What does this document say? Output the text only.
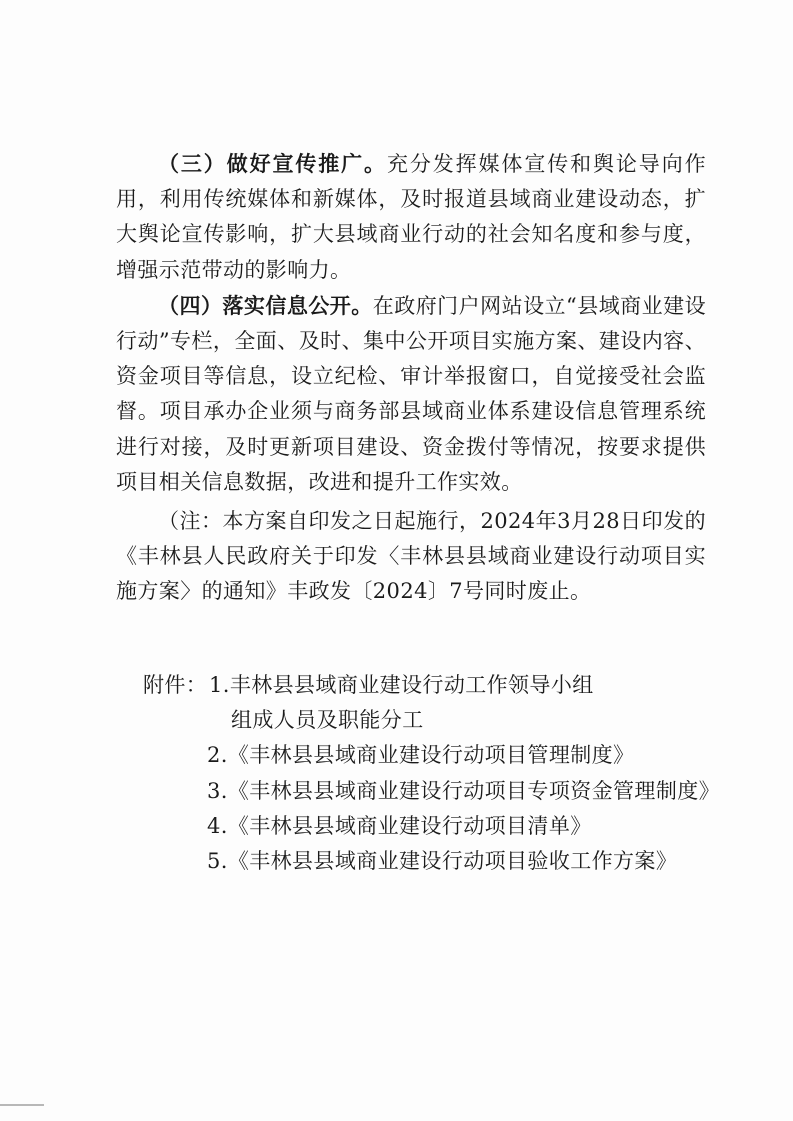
（三）做好宣传推广。充分发挥媒体宣传和舆论导向作用，利用传统媒体和新媒体，及时报道县域商业建设动态，扩大舆论宣传影响，扩大县域商业行动的社会知名度和参与度，增强示范带动的影响力。

（四）落实信息公开。在政府门户网站设立“县域商业建设行动”专栏，全面、及时、集中公开项目实施方案、建设内容、资金项目等信息，设立纪检、审计举报窗口，自觉接受社会监督。项目承办企业须与商务部县域商业体系建设信息管理系统进行对接，及时更新项目建设、资金拨付等情况，按要求提供项目相关信息数据，改进和提升工作实效。

（注：本方案自印发之日起施行，2024年3月28日印发的《丰林县人民政府关于印发〈丰林县县域商业建设行动项目实施方案〉的通知》丰政发〔2024〕7号同时废止。

附件： 1.丰林县县域商业建设行动工作领导小组
组成人员及职能分工
2.《丰林县县域商业建设行动项目管理制度》
3.《丰林县县域商业建设行动项目专项资金管理制度》
4.《丰林县县域商业建设行动项目清单》
5.《丰林县县域商业建设行动项目验收工作方案》
